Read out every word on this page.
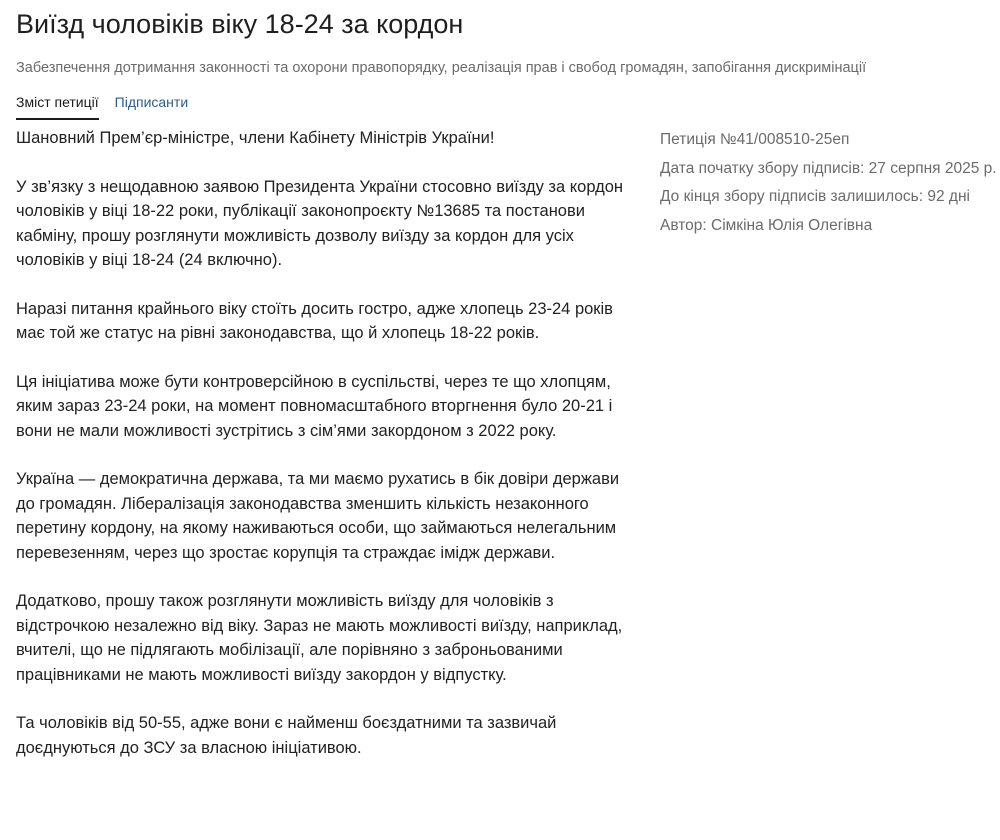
Виїзд чоловіків віку 18-24 за кордон
Забезпечення дотримання законності та охорони правопорядку, реалізація прав і свобод громадян, запобігання дискримінації
Зміст петиції Підписанти

Шановний Прем’єр-міністре, члени Кабінету Міністрів України!

У зв’язку з нещодавною заявою Президента України стосовно виїзду за кордон чоловіків у віці 18-22 роки, публікації законопроєкту №13685 та постанови кабміну, прошу розглянути можливість дозволу виїзду за кордон для усіх чоловіків у віці 18-24 (24 включно).

Наразі питання крайнього віку стоїть досить гостро, адже хлопець 23-24 років має той же статус на рівні законодавства, що й хлопець 18-22 років.

Ця ініціатива може бути контроверсійною в суспільстві, через те що хлопцям, яким зараз 23-24 роки, на момент повномасштабного вторгнення було 20-21 і вони не мали можливості зустрітись з сім’ями закордоном з 2022 року.

Україна — демократична держава, та ми маємо рухатись в бік довіри держави до громадян. Лібералізація законодавства зменшить кількість незаконного перетину кордону, на якому наживаються особи, що займаються нелегальним перевезенням, через що зростає корупція та страждає імідж держави.

Додатково, прошу також розглянути можливість виїзду для чоловіків з відстрочкою незалежно від віку. Зараз не мають можливості виїзду, наприклад, вчителі, що не підлягають мобілізації, але порівняно з заброньованими працівниками не мають можливості виїзду закордон у відпустку.

Та чоловіків від 50-55, адже вони є найменш боєздатними та зазвичай доєднуються до ЗСУ за власною ініціативою.

Петиція №41/008510-25еп
Дата початку збору підписів: 27 серпня 2025 р.
До кінця збору підписів залишилось: 92 дні
Автор: Сімкіна Юлія Олегівна
